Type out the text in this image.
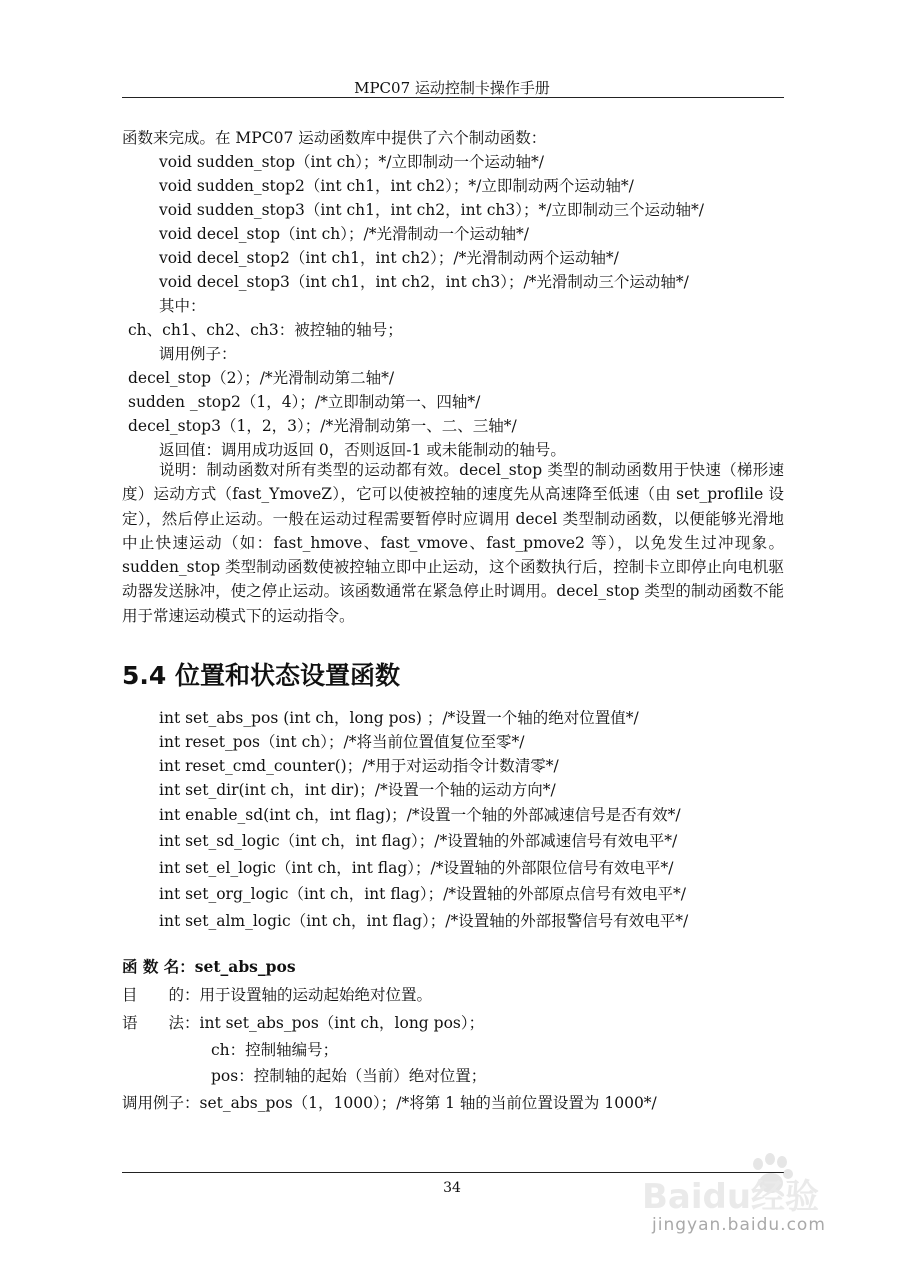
MPC07 运动控制卡操作手册
函数来完成。在 MPC07 运动函数库中提供了六个制动函数：
void sudden_stop（int ch）；*/立即制动一个运动轴*/
void sudden_stop2（int ch1，int ch2）；*/立即制动两个运动轴*/
void sudden_stop3（int ch1，int ch2，int ch3）；*/立即制动三个运动轴*/
void decel_stop（int ch）；/*光滑制动一个运动轴*/
void decel_stop2（int ch1，int ch2）；/*光滑制动两个运动轴*/
void decel_stop3（int ch1，int ch2，int ch3）；/*光滑制动三个运动轴*/
其中：
ch、ch1、ch2、ch3：被控轴的轴号；
调用例子：
decel_stop（2）；/*光滑制动第二轴*/
sudden _stop2（1，4）；/*立即制动第一、四轴*/
decel_stop3（1，2，3）；/*光滑制动第一、二、三轴*/
返回值：调用成功返回 0，否则返回-1 或未能制动的轴号。
说明：制动函数对所有类型的运动都有效。decel_stop 类型的制动函数用于快速（梯形速度）运动方式（fast_YmoveZ），它可以使被控轴的速度先从高速降至低速（由 set_proflile 设定），然后停止运动。一般在运动过程需要暂停时应调用 decel 类型制动函数，以便能够光滑地中止快速运动（如：fast_hmove、fast_vmove、fast_pmove2 等），以免发生过冲现象。sudden_stop 类型制动函数使被控轴立即中止运动，这个函数执行后，控制卡立即停止向电机驱动器发送脉冲，使之停止运动。该函数通常在紧急停止时调用。decel_stop 类型的制动函数不能用于常速运动模式下的运动指令。
5.4 位置和状态设置函数
int set_abs_pos (int ch，long pos) ；/*设置一个轴的绝对位置值*/
int reset_pos（int ch）；/*将当前位置值复位至零*/
int reset_cmd_counter()；/*用于对运动指令计数清零*/
int set_dir(int ch，int dir)；/*设置一个轴的运动方向*/
int enable_sd(int ch，int flag)；/*设置一个轴的外部减速信号是否有效*/
int set_sd_logic（int ch，int flag）；/*设置轴的外部减速信号有效电平*/
int set_el_logic（int ch，int flag）；/*设置轴的外部限位信号有效电平*/
int set_org_logic（int ch，int flag）；/*设置轴的外部原点信号有效电平*/
int set_alm_logic（int ch，int flag）；/*设置轴的外部报警信号有效电平*/
函 数 名：set_abs_pos
目　　的：用于设置轴的运动起始绝对位置。
语　　法：int set_abs_pos（int ch，long pos）；
ch：控制轴编号；
pos：控制轴的起始（当前）绝对位置；
调用例子：set_abs_pos（1，1000）；/*将第 1 轴的当前位置设置为 1000*/
34	Baidu经验
jingyan.baidu.com
